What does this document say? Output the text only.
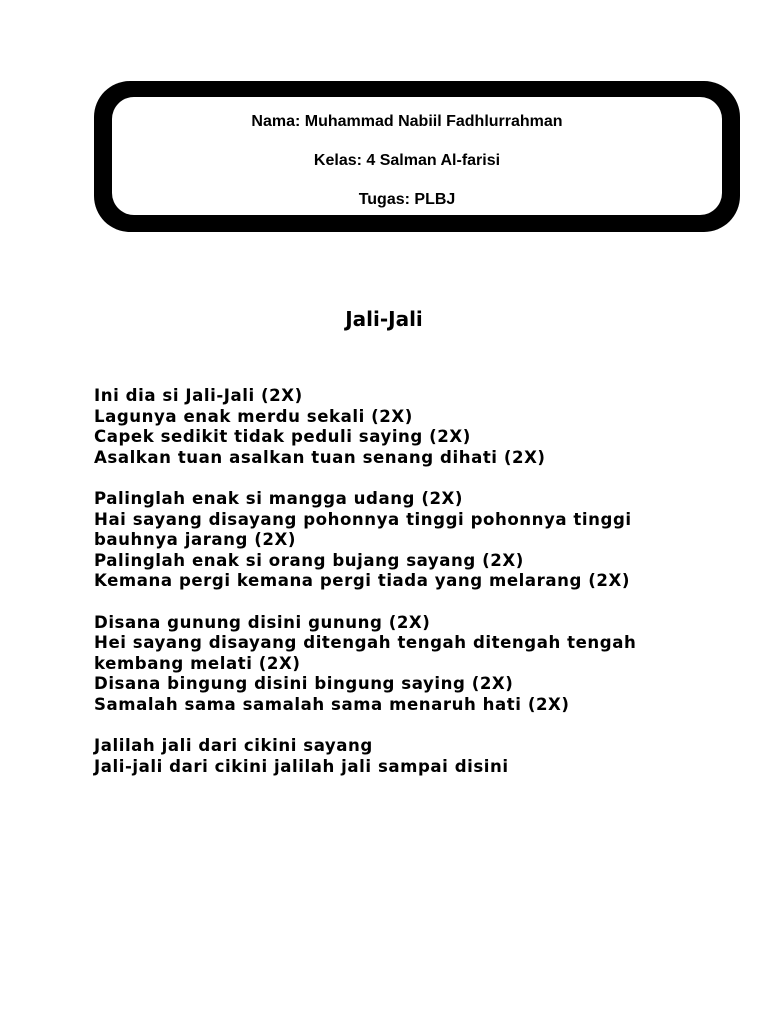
Nama: Muhammad Nabiil Fadhlurrahman
Kelas: 4 Salman Al-farisi
Tugas: PLBJ
Jali-Jali
Ini dia si Jali-Jali (2X)
Lagunya enak merdu sekali (2X)
Capek sedikit tidak peduli saying (2X)
Asalkan tuan asalkan tuan senang dihati (2X)
Palinglah enak si mangga udang (2X)
Hai sayang disayang pohonnya tinggi pohonnya tinggi
bauhnya jarang (2X)
Palinglah enak si orang bujang sayang (2X)
Kemana pergi kemana pergi tiada yang melarang (2X)
Disana gunung disini gunung (2X)
Hei sayang disayang ditengah tengah ditengah tengah
kembang melati (2X)
Disana bingung disini bingung saying (2X)
Samalah sama samalah sama menaruh hati (2X)
Jalilah jali dari cikini sayang
Jali-jali dari cikini jalilah jali sampai disini
